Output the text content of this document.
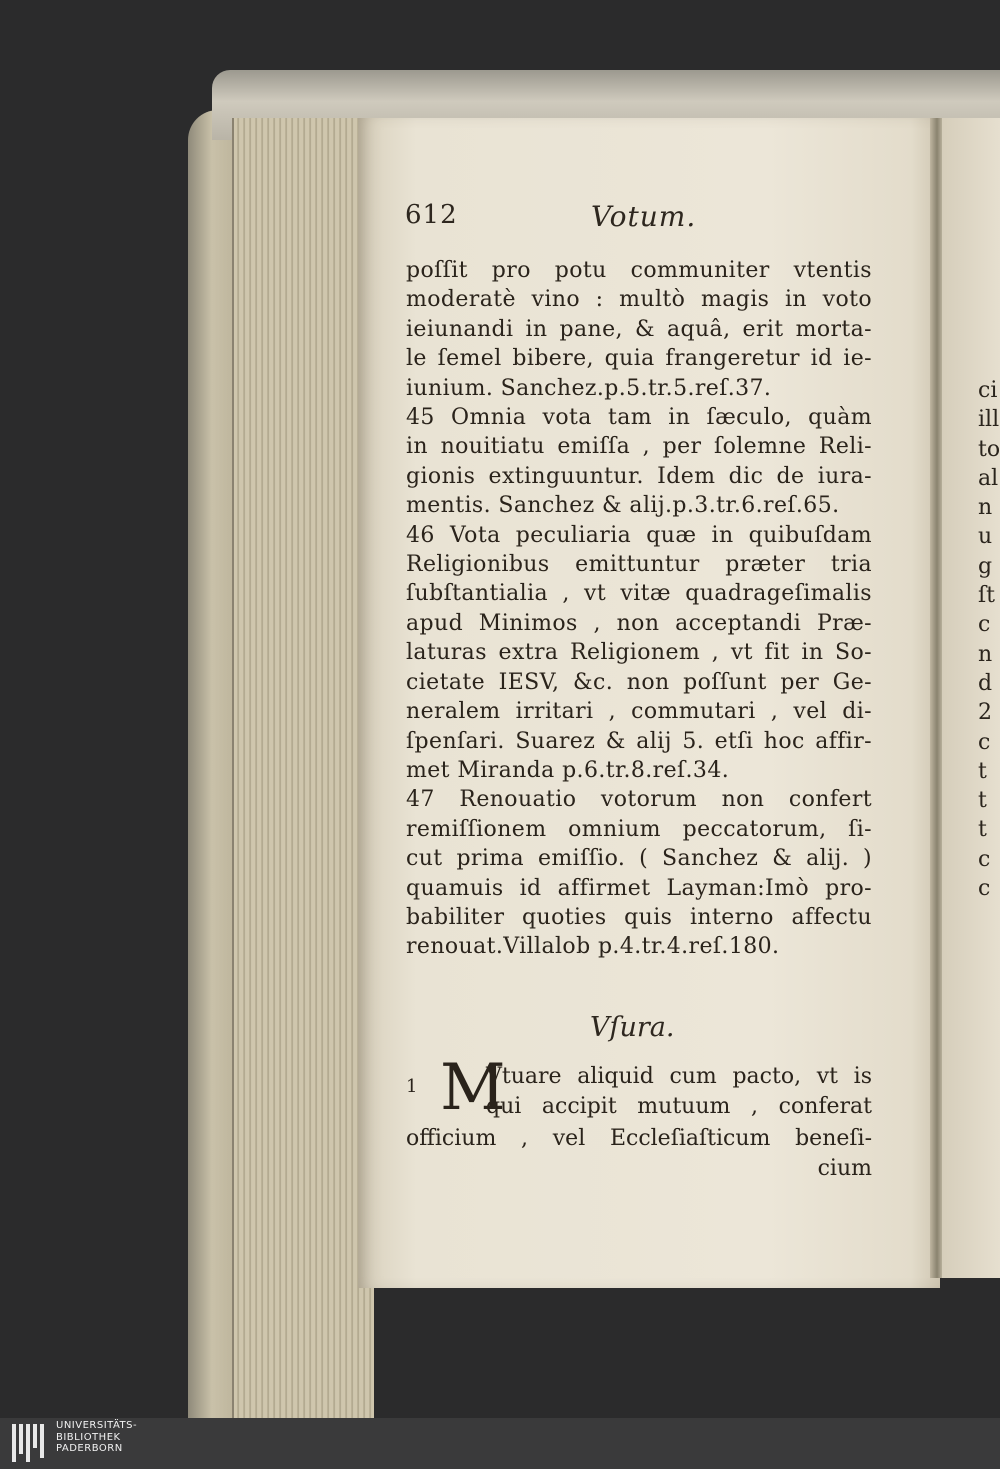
ci
ill
to
al
n
u
g
ſt
c
n
d
2
c
t
t
t
c
c
612	Votum.
poſſit pro potu communiter vtentis
moderatè vino : multò magis in voto
ieiunandi in pane, & aquâ, erit morta-
le ſemel bibere, quia frangeretur id ie-
iunium. Sanchez.p.5.tr.5.reſ.37.
45 Omnia vota tam in ſæculo, quàm
in nouitiatu emiſſa , per ſolemne Reli-
gionis extinguuntur. Idem dic de iura-
mentis. Sanchez & alij.p.3.tr.6.reſ.65.
46 Vota peculiaria quæ in quibuſdam
Religionibus emittuntur præter tria
ſubſtantialia , vt vitæ quadrageſimalis
apud Minimos , non acceptandi Præ-
laturas extra Religionem , vt fit in So-
cietate IESV, &c. non poſſunt per Ge-
neralem irritari , commutari , vel di-
ſpenſari. Suarez & alij 5. etſi hoc affir-
met Miranda p.6.tr.8.reſ.34.
47 Renouatio votorum non confert
remiſſionem omnium peccatorum, ſi-
cut prima emiſſio. ( Sanchez & alij. )
quamuis id affirmet Layman:Imò pro-
babiliter quoties quis interno affectu
renouat.Villalob p.4.tr.4.reſ.180.
Vſura.
1 M
Vtuare aliquid cum pacto, vt is
qui accipit mutuum , conferat
officium , vel Eccleſiaſticum beneſi-
cium
UNIVERSITÄTS-
BIBLIOTHEK
PADERBORN
